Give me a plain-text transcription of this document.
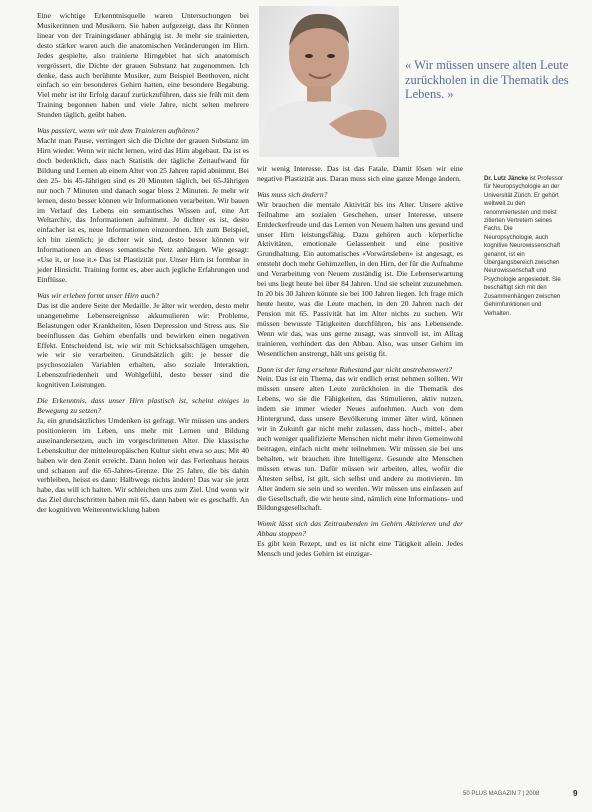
Eine wichtige Erkenntnisquelle waren Untersuchungen bei Musikerinnen und Musikern. Sie haben aufgezeigt, dass ihr Können linear von der Trainingsdauer abhängig ist. Je mehr sie trainierten, desto stärker waren auch die anatomischen Veränderungen im Hirn. Jedes gespielte, also trainierte Hirngebiet hat sich anatomisch vergrössert, die Dichte der grauen Substanz hat zugenommen. Ich denke, dass auch berühmte Musiker, zum Beispiel Beethoven, nicht einfach so ein besonderes Gehirn hatten, eine besondere Begabung. Viel mehr ist ihr Erfolg darauf zurückzuführen, dass sie früh mit dem Training begonnen haben und viele Jahre, nicht selten mehrere Stunden täglich, geübt haben.

Was passiert, wenn wir mit dem Trainieren aufhören?

Macht man Pause, verringert sich die Dichte der grauen Substanz im Hirn wieder. Wenn wir nicht lernen, wird das Hirn abgebaut. Da ist es doch bedenklich, dass nach Statistik der tägliche Zeitaufwand für Bildung und Lernen ab einem Alter von 25 Jahren rapid abnimmt. Bei den 25- bis 45-Jährigen sind es 20 Minuten täglich, bei 65-Jährigen nur noch 7 Minuten und danach sogar bloss 2 Minuten. Je mehr wir lernen, desto besser können wir Informationen verarbeiten. Wir bauen im Verlauf des Lebens ein semantisches Wissen auf, eine Art Weltarchiv, das Informationen aufnimmt. Je dichter es ist, desto einfacher ist es, neue Informationen einzuordnen. Ich zum Beispiel, ich bin ziemlich; je dichter wir sind, desto besser können wir Informationen an dieses semantische Netz anhängen. Wie gesagt: «Use it, or lose it.» Das ist Plastizität pur. Unser Hirn ist formbar in jeder Hinsicht. Training formt es, aber auch jegliche Erfahrungen und Einflüsse.

Was wir erleben formt unser Hirn auch?

Das ist die andere Seite der Medaille. Je älter wir werden, desto mehr unangenehme Lebensereignisse akkumulieren wir: Probleme, Belastungen oder Krankheiten, lösen Depression und Stress aus. Sie beeinflussen das Gehirn ebenfalls und bewirken einen negativen Effekt. Entscheidend ist, wie wir mit Schicksalsschlägen umgehen, wie wir sie verarbeiten. Grundsätzlich gilt: je besser die psychosozialen Variablen erhalten, also soziale Interaktion, Lebenszufriedenheit und Wohlgefühl, desto besser sind die kognitiven Leistungen.

Die Erkenntnis, dass unser Hirn plastisch ist, scheint einiges in Bewegung zu setzen?

Ja, ein grundsätzliches Umdenken ist gefragt. Wir müssen uns anders positionieren im Leben, uns mehr mit Lernen und Bildung auseinandersetzen, auch im vorgeschrittenen Alter. Die klassische Lebenskultur der mitteleuropäischen Kultur sieht etwa so aus: Mit 40 haben wir den Zenit erreicht. Dann holen wir das Ferienhaus heraus und schauen auf die 65-Jahres-Grenze. Die 25 Jahre, die bis dahin verbleiben, heisst es dann: Halbwegs nichts ändern! Das war sie jetzt habe, das will ich halten. Wir schleichen uns zum Ziel. Und wenn wir das Ziel durchschritten haben mit 65, dann haben wir es geschafft. An der kognitiven Weiterentwicklung haben

« Wir müssen unsere alten Leute zurückholen in die Thematik des Lebens. »

wir wenig Interesse. Das ist das Fatale. Damit lösen wir eine negative Plastizität aus. Daran muss sich eine ganze Menge ändern.

Was muss sich ändern?

Wir brauchen die mentale Aktivität bis ins Alter. Unsere aktive Teilnahme am sozialen Geschehen, unser Interesse, unsere Entdeckerfreude und das Lernen von Neuem halten uns gesund und unser Hirn leistungsfähig. Dazu gehören auch körperliche Aktivitäten, emotionale Gelassenheit und eine positive Grundhaltung. Ein automatisches «Vorwärtsleben» ist angesagt, es entsteht doch mehr Gehirnzellen, in den Hirn, der für die Aufnahme und Verarbeitung von Neuem zuständig ist. Die Lebenserwartung bei uns liegt heute bei über 84 Jahren. Und sie scheint zuzunehmen. In 20 bis 30 Jahren könnte sie bei 100 Jahren liegen. Ich frage mich heute heute, was die Leute machen, in den 20 Jahren nach der Pension mit 65. Passivität hat im Alter nichts zu suchen. Wir müssen bewusste Tätigkeiten durchführen, bis ans Lebensende. Wenn wir das, was uns gerne zusagt, was sinnvoll ist, im Alltag trainieren, verhindert das den Abbau. Also, was unser Gehirn im Wesentlichen anstrengt, hält uns geistig fit.

Dann ist der lang ersehnte Ruhestand gar nicht anstrebenswert?

Nein. Das ist ein Thema, das wir endlich ernst nehmen sollten. Wir müssen unsere alten Leute zurückholen in die Thematik des Lebens, wo sie die Fähigkeiten, das Stimulieren, aktiv nutzen, indem sie immer wieder Neues aufnehmen. Auch von dem Hintergrund, dass unsere Bevölkerung immer älter wird, können wir in Zukunft gar nicht mehr zulassen, dass hoch-, mittel-, aber auch weniger qualifizierte Menschen nicht mehr ihren Gemeinwohl beitragen, einfach nicht mehr teilnehmen. Wir müssen sie bei uns behalten, wir brauchen ihre Intelligenz. Gesunde alte Menschen müssen etwas tun. Dafür müssen wir arbeiten, alles, wofür die Ältesten selbst, ist gilt, sich selbst und andere zu motivieren. Im Alter ändern sie sein und so werden. Wir müssen uns einfassen auf die Gesellschaft, die wir heute sind, nämlich eine Informations- und Bildungsgesellschaft.

Womit lässt sich das Zeitraubenden im Gehirn Aktivieren und der Abbau stoppen?

Es gibt kein Rezept, und es ist nicht eine Tätigkeit allein. Jedes Mensch und jedes Gehirn ist einzigar-

Dr. Lutz Jäncke ist Professor für Neuropsychologie an der Universität Zürich. Er gehört weltweit zu den renommiertesten und meist zitierten Vertretern seines Fachs. Die Neuropsychologie, auch kognitive Neurowissenschaft genannt, ist ein Übergangsbereich zwischen Neurowissenschaft und Psychologie angesiedelt. Sie beschäftigt sich mit den Zusammenhängen zwischen Gehirnfunktionen und Verhalten.
50 PLUS MAGAZIN 7 | 2008	9
